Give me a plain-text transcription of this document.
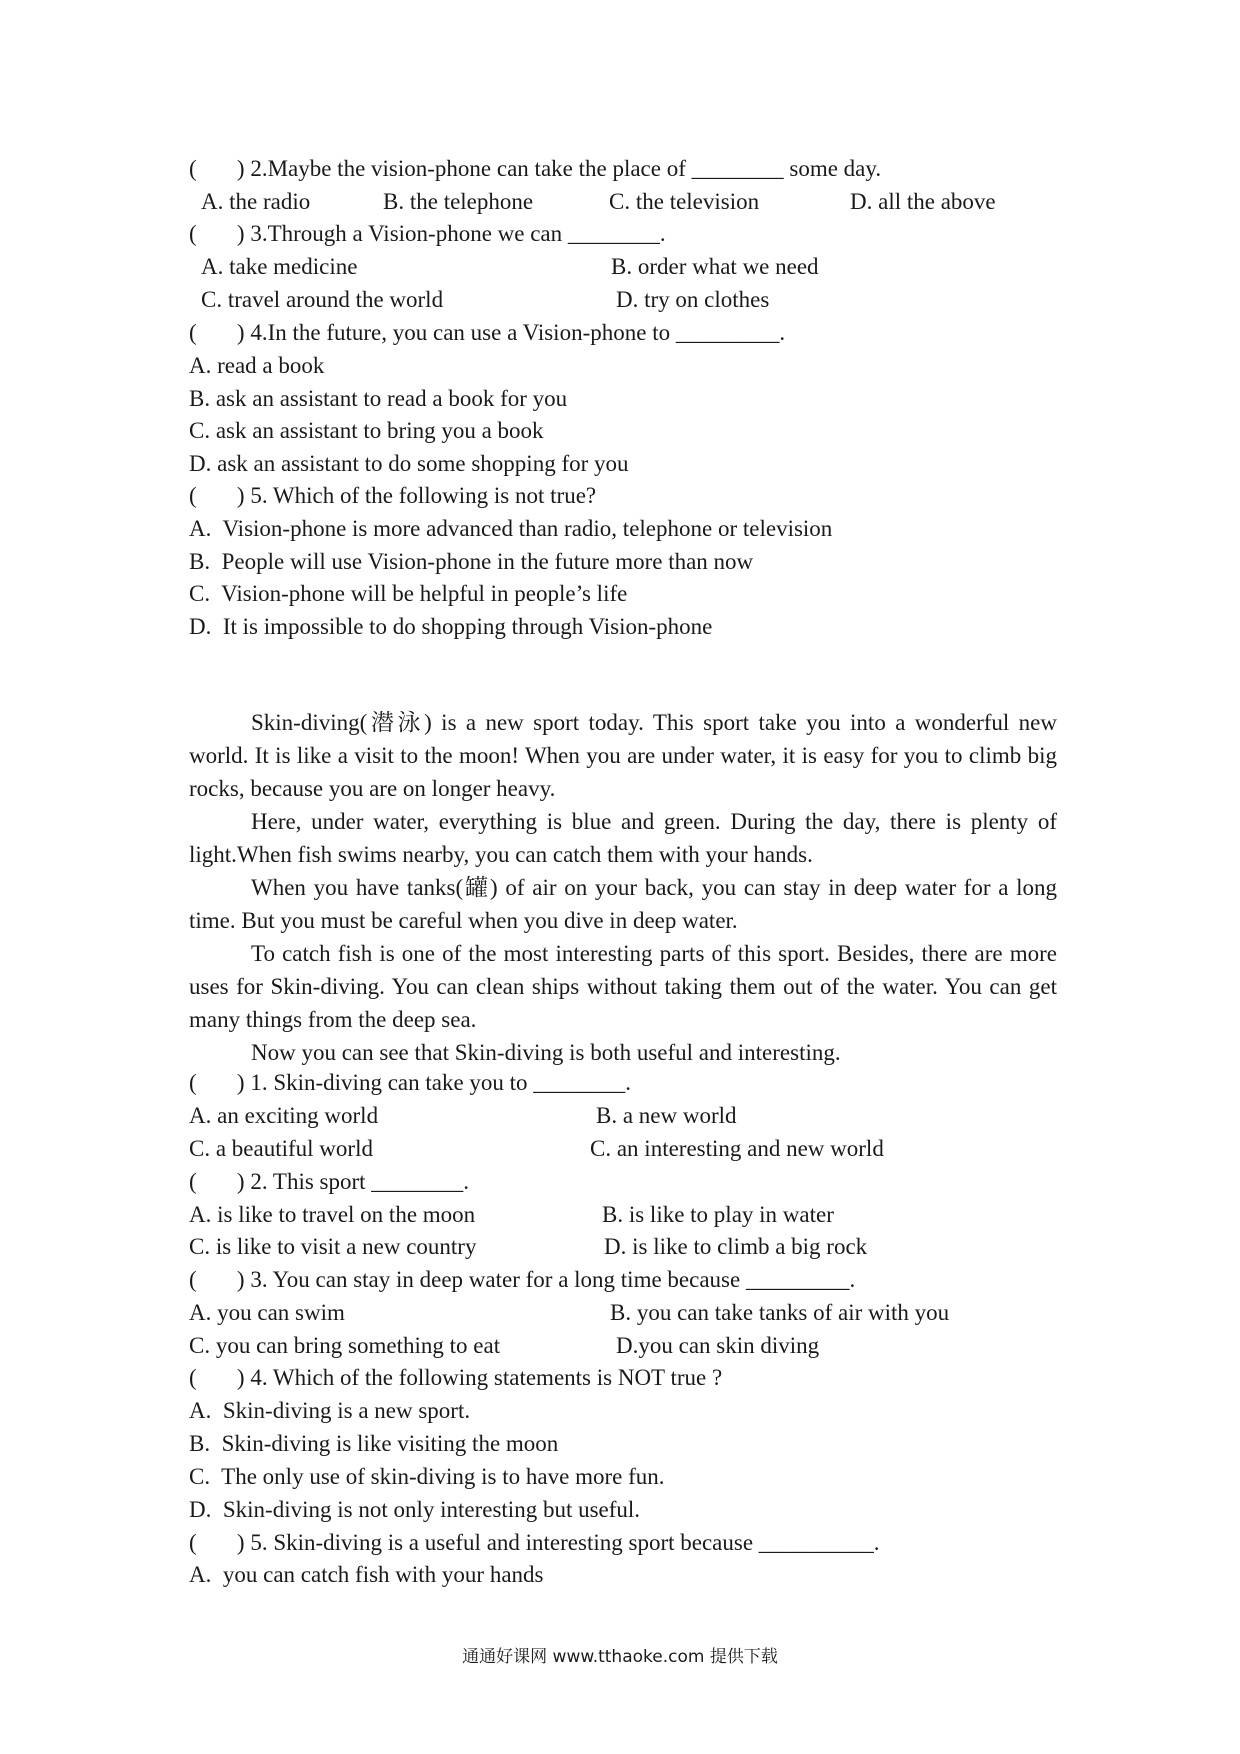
(       ) 2.Maybe the vision-phone can take the place of ________ some day.
A. the radio	B. the telephone	C. the television	D. all the above
(       ) 3.Through a Vision-phone we can ________.
A. take medicine	B. order what we need
C. travel around the world	D. try on clothes
(       ) 4.In the future, you can use a Vision-phone to _________.
A. read a book
B. ask an assistant to read a book for you
C. ask an assistant to bring you a book
D. ask an assistant to do some shopping for you
(       ) 5. Which of the following is not true?
A.  Vision-phone is more advanced than radio, telephone or television
B.  People will use Vision-phone in the future more than now
C.  Vision-phone will be helpful in people’s life
D.  It is impossible to do shopping through Vision-phone

Skin-diving(潜泳) is a new sport today. This sport take you into a wonderful new world. It is like a visit to the moon! When you are under water, it is easy for you to climb big rocks, because you are on longer heavy.

Here, under water, everything is blue and green. During the day, there is plenty of light.When fish swims nearby, you can catch them with your hands.

When you have tanks(罐) of air on your back, you can stay in deep water for a long time. But you must be careful when you dive in deep water.

To catch fish is one of the most interesting parts of this sport. Besides, there are more uses for Skin-diving. You can clean ships without taking them out of the water. You can get many things from the deep sea.

Now you can see that Skin-diving is both useful and interesting.

(       ) 1. Skin-diving can take you to ________.
A. an exciting world	B. a new world
C. a beautiful world	C. an interesting and new world
(       ) 2. This sport ________.
A. is like to travel on the moon	B. is like to play in water
C. is like to visit a new country	D. is like to climb a big rock
(       ) 3. You can stay in deep water for a long time because _________.
A. you can swim	B. you can take tanks of air with you
C. you can bring something to eat	D.you can skin diving
(       ) 4. Which of the following statements is NOT true ?
A.  Skin-diving is a new sport.
B.  Skin-diving is like visiting the moon
C.  The only use of skin-diving is to have more fun.
D.  Skin-diving is not only interesting but useful.
(       ) 5. Skin-diving is a useful and interesting sport because __________.
A.  you can catch fish with your hands
通通好课网 www.tthaoke.com 提供下载
